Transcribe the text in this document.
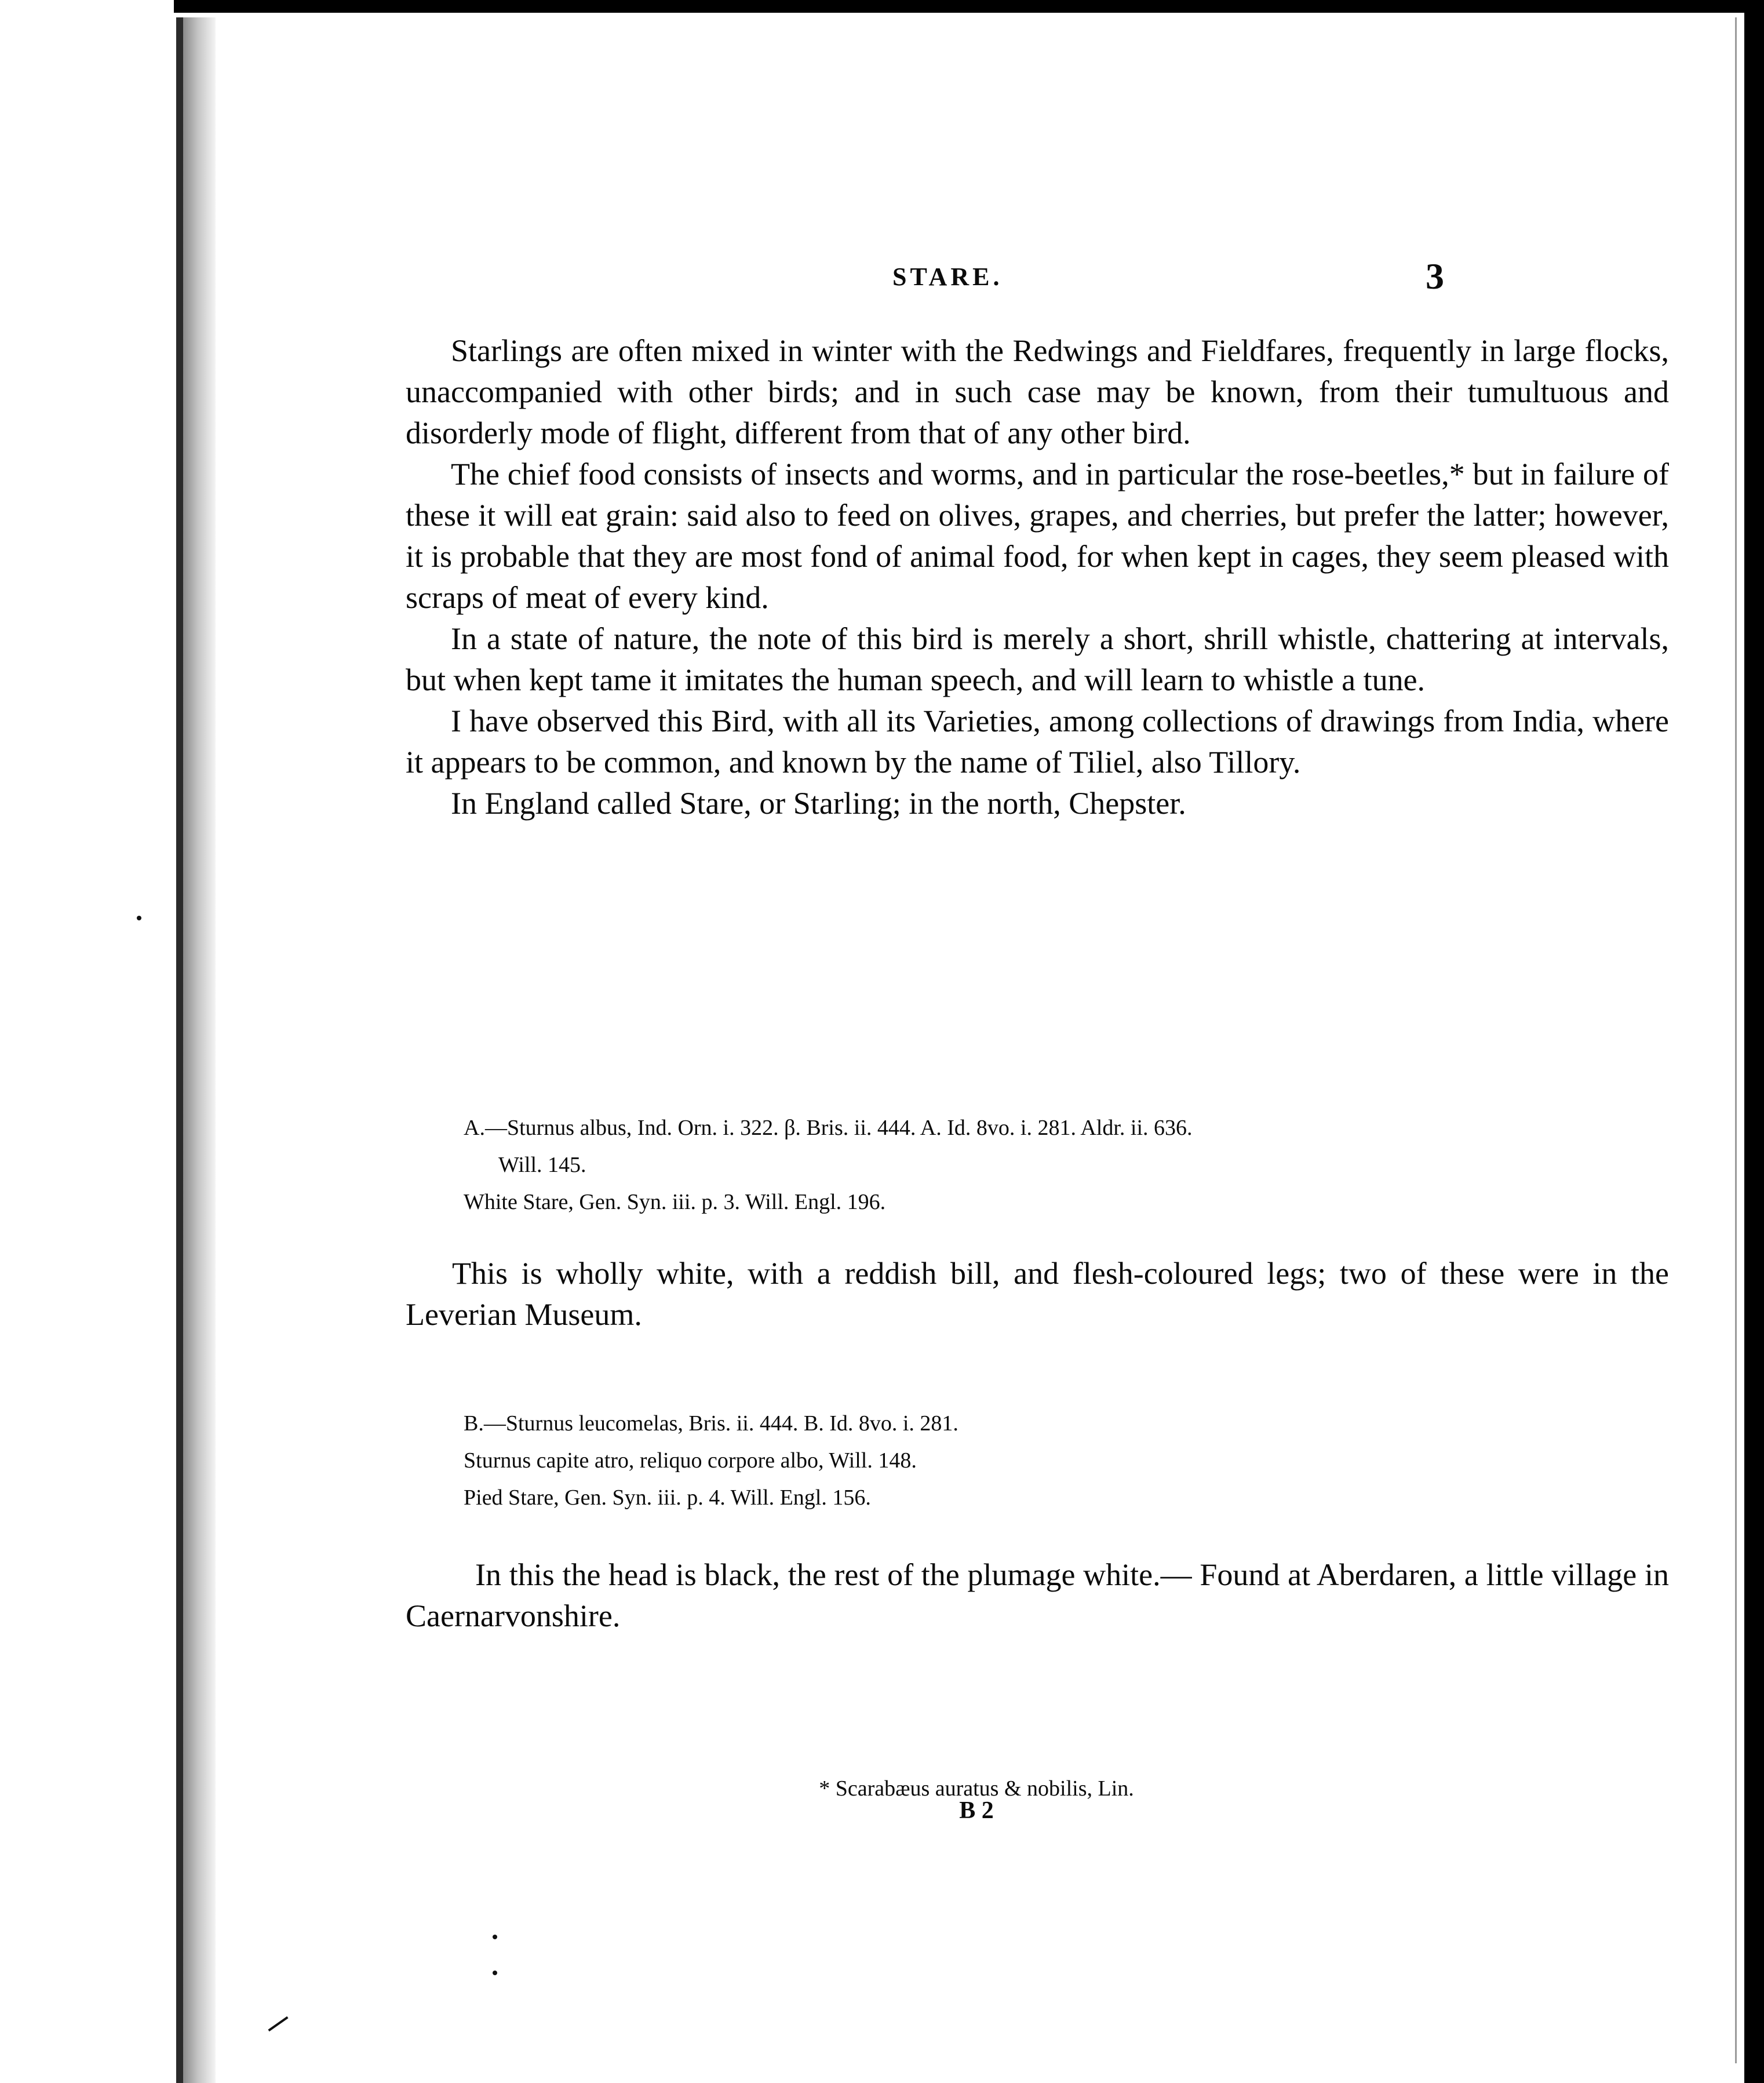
STARE.	3

Starlings are often mixed in winter with the Redwings and Fieldfares, frequently in large flocks, unaccompanied with other birds; and in such case may be known, from their tumultuous and disorderly mode of flight, different from that of any other bird.

The chief food consists of insects and worms, and in particular the rose-beetles,* but in failure of these it will eat grain: said also to feed on olives, grapes, and cherries, but prefer the latter; however, it is probable that they are most fond of animal food, for when kept in cages, they seem pleased with scraps of meat of every kind.

In a state of nature, the note of this bird is merely a short, shrill whistle, chattering at intervals, but when kept tame it imitates the human speech, and will learn to whistle a tune.

I have observed this Bird, with all its Varieties, among collections of drawings from India, where it appears to be common, and known by the name of Tiliel, also Tillory.

In England called Stare, or Starling; in the north, Chepster.

A.—Sturnus albus, Ind. Orn. i. 322. β. Bris. ii. 444. A. Id. 8vo. i. 281. Aldr. ii. 636.
Will. 145.
White Stare, Gen. Syn. iii. p. 3. Will. Engl. 196.

This is wholly white, with a reddish bill, and flesh-coloured legs; two of these were in the Leverian Museum.

B.—Sturnus leucomelas, Bris. ii. 444. B. Id. 8vo. i. 281.
Sturnus capite atro, reliquo corpore albo, Will. 148.
Pied Stare, Gen. Syn. iii. p. 4. Will. Engl. 156.

In this the head is black, the rest of the plumage white.— Found at Aberdaren, a little village in Caernarvonshire.

* Scarabæus auratus & nobilis, Lin.
B 2
